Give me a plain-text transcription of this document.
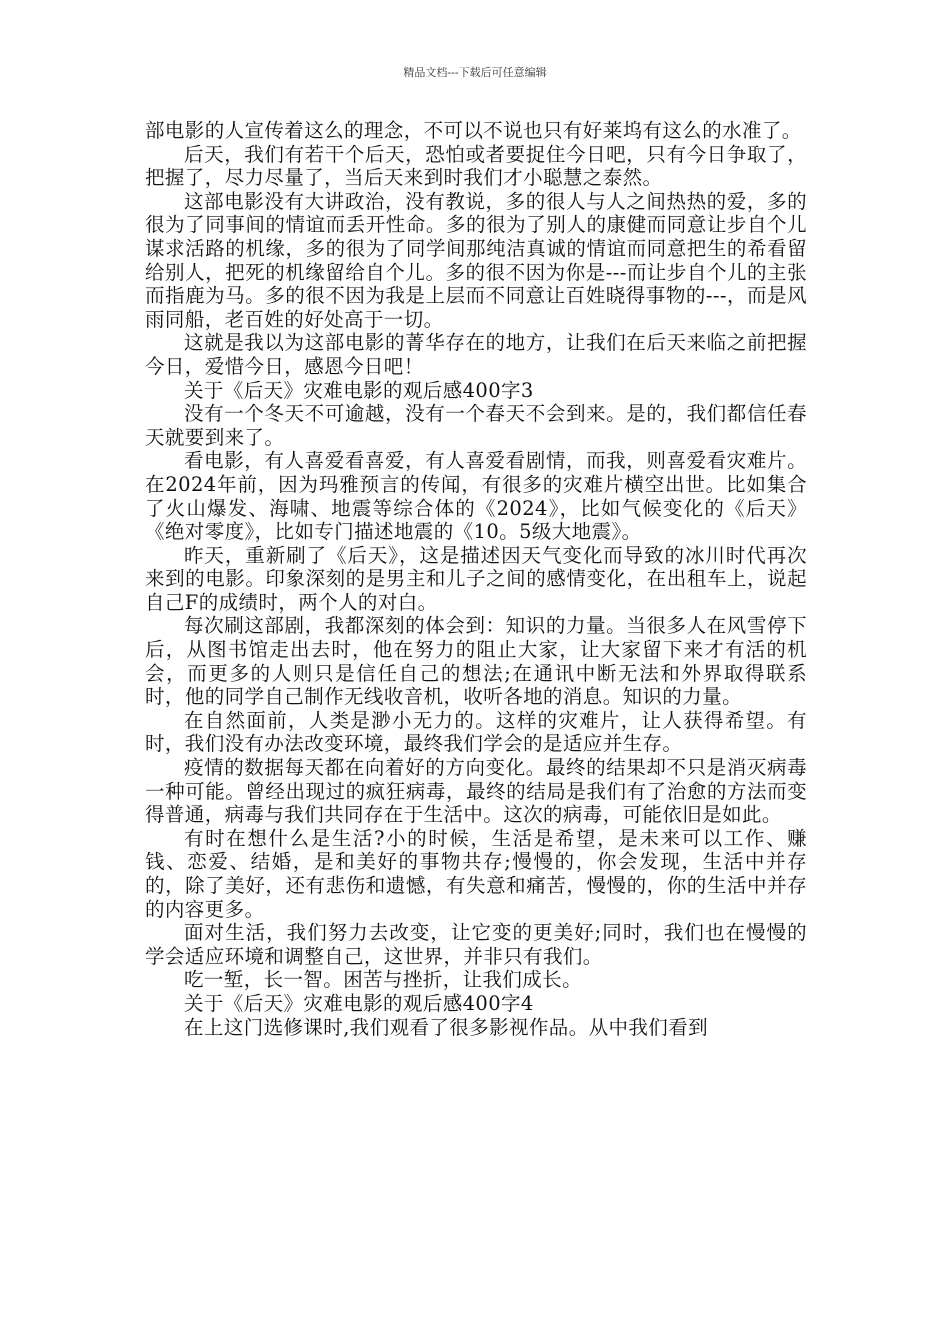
精品文档---下载后可任意编辑

部电影的人宣传着这么的理念，不可以不说也只有好莱坞有这么的水准了。

后天，我们有若干个后天，恐怕或者要捉住今日吧，只有今日争取了，把握了，尽力尽量了，当后天来到时我们才小聪慧之泰然。

这部电影没有大讲政治，没有教说，多的很人与人之间热热的爱，多的很为了同事间的情谊而丢开性命。多的很为了别人的康健而同意让步自个儿谋求活路的机缘，多的很为了同学间那纯洁真诚的情谊而同意把生的希看留给别人，把死的机缘留给自个儿。多的很不因为你是---而让步自个儿的主张而指鹿为马。多的很不因为我是上层而不同意让百姓晓得事物的---，而是风雨同船，老百姓的好处高于一切。

这就是我以为这部电影的菁华存在的地方，让我们在后天来临之前把握今日，爱惜今日，感恩今日吧！

关于《后天》灾难电影的观后感400字3

没有一个冬天不可逾越，没有一个春天不会到来。是的，我们都信任春天就要到来了。

看电影，有人喜爱看喜爱，有人喜爱看剧情，而我，则喜爱看灾难片。在2024年前，因为玛雅预言的传闻，有很多的灾难片横空出世。比如集合了火山爆发、海啸、地震等综合体的《2024》，比如气候变化的《后天》《绝对零度》，比如专门描述地震的《10。5级大地震》。

昨天，重新刷了《后天》，这是描述因天气变化而导致的冰川时代再次来到的电影。印象深刻的是男主和儿子之间的感情变化，在出租车上，说起自己F的成绩时，两个人的对白。

每次刷这部剧，我都深刻的体会到：知识的力量。当很多人在风雪停下后，从图书馆走出去时，他在努力的阻止大家，让大家留下来才有活的机会，而更多的人则只是信任自己的想法;在通讯中断无法和外界取得联系时，他的同学自己制作无线收音机，收听各地的消息。知识的力量。

在自然面前，人类是渺小无力的。这样的灾难片，让人获得希望。有时，我们没有办法改变环境，最终我们学会的是适应并生存。

疫情的数据每天都在向着好的方向变化。最终的结果却不只是消灭病毒一种可能。曾经出现过的疯狂病毒，最终的结局是我们有了治愈的方法而变得普通，病毒与我们共同存在于生活中。这次的病毒，可能依旧是如此。

有时在想什么是生活?小的时候，生活是希望，是未来可以工作、赚钱、恋爱、结婚，是和美好的事物共存;慢慢的，你会发现，生活中并存的，除了美好，还有悲伤和遗憾，有失意和痛苦，慢慢的，你的生活中并存的内容更多。

面对生活，我们努力去改变，让它变的更美好;同时，我们也在慢慢的学会适应环境和调整自己，这世界，并非只有我们。

吃一堑，长一智。困苦与挫折，让我们成长。

关于《后天》灾难电影的观后感400字4

在上这门选修课时,我们观看了很多影视作品。从中我们看到
